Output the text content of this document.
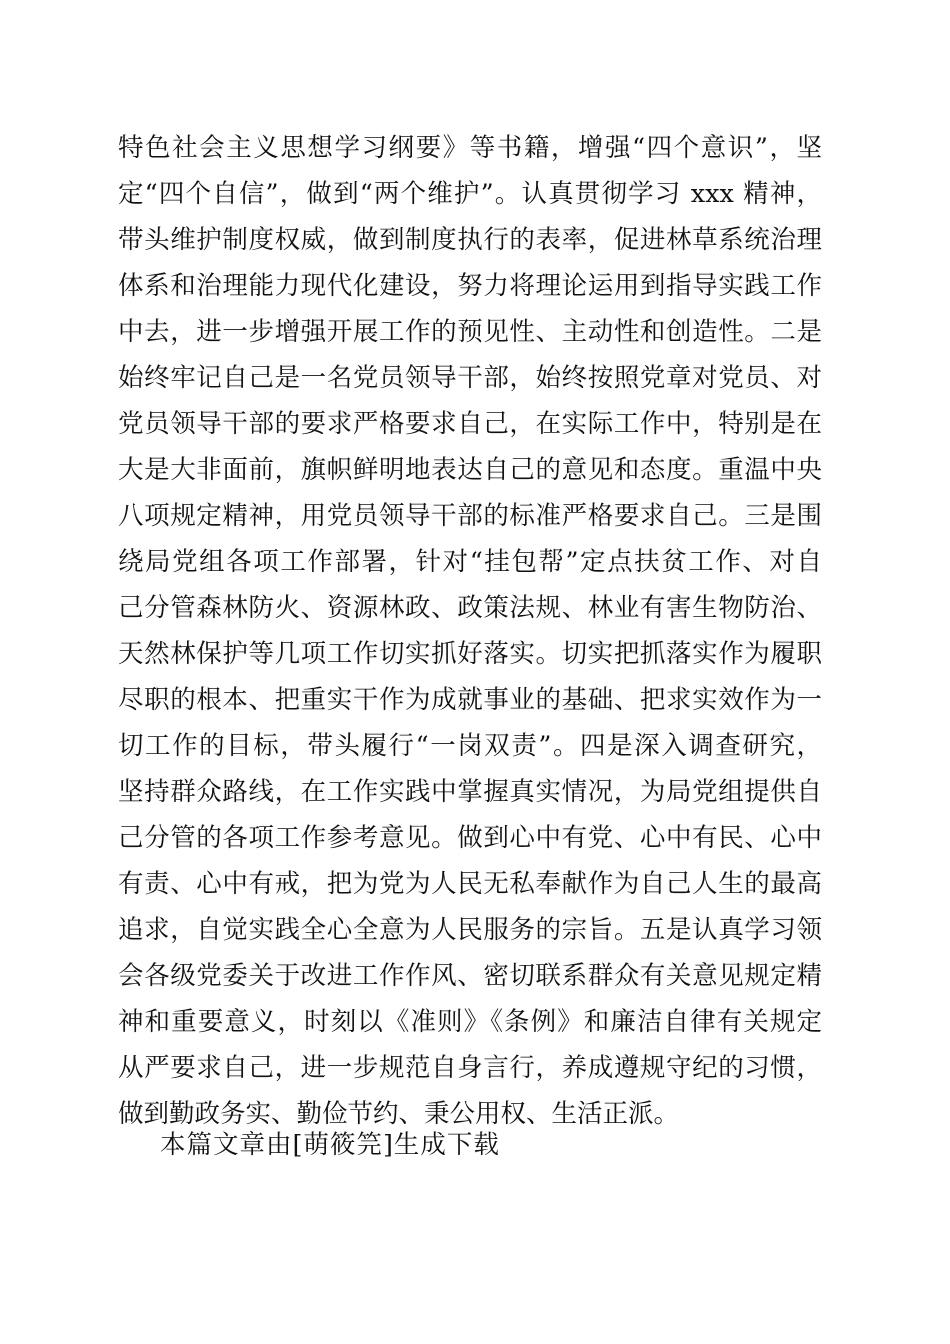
特色社会主义思想学习纲要》等书籍，增强“四个意识”，坚
定“四个自信”，做到“两个维护”。认真贯彻学习 xxx 精神，
带头维护制度权威，做到制度执行的表率，促进林草系统治理
体系和治理能力现代化建设，努力将理论运用到指导实践工作
中去，进一步增强开展工作的预见性、主动性和创造性。二是
始终牢记自己是一名党员领导干部，始终按照党章对党员、对
党员领导干部的要求严格要求自己，在实际工作中，特别是在
大是大非面前，旗帜鲜明地表达自己的意见和态度。重温中央
八项规定精神，用党员领导干部的标准严格要求自己。三是围
绕局党组各项工作部署，针对“挂包帮”定点扶贫工作、对自
己分管森林防火、资源林政、政策法规、林业有害生物防治、
天然林保护等几项工作切实抓好落实。切实把抓落实作为履职
尽职的根本、把重实干作为成就事业的基础、把求实效作为一
切工作的目标，带头履行“一岗双责”。四是深入调查研究，
坚持群众路线，在工作实践中掌握真实情况，为局党组提供自
己分管的各项工作参考意见。做到心中有党、心中有民、心中
有责、心中有戒，把为党为人民无私奉献作为自己人生的最高
追求，自觉实践全心全意为人民服务的宗旨。五是认真学习领
会各级党委关于改进工作作风、密切联系群众有关意见规定精
神和重要意义，时刻以《准则》《条例》和廉洁自律有关规定
从严要求自己，进一步规范自身言行，养成遵规守纪的习惯，
做到勤政务实、勤俭节约、秉公用权、生活正派。
本篇文章由[萌筱笎]生成下载
